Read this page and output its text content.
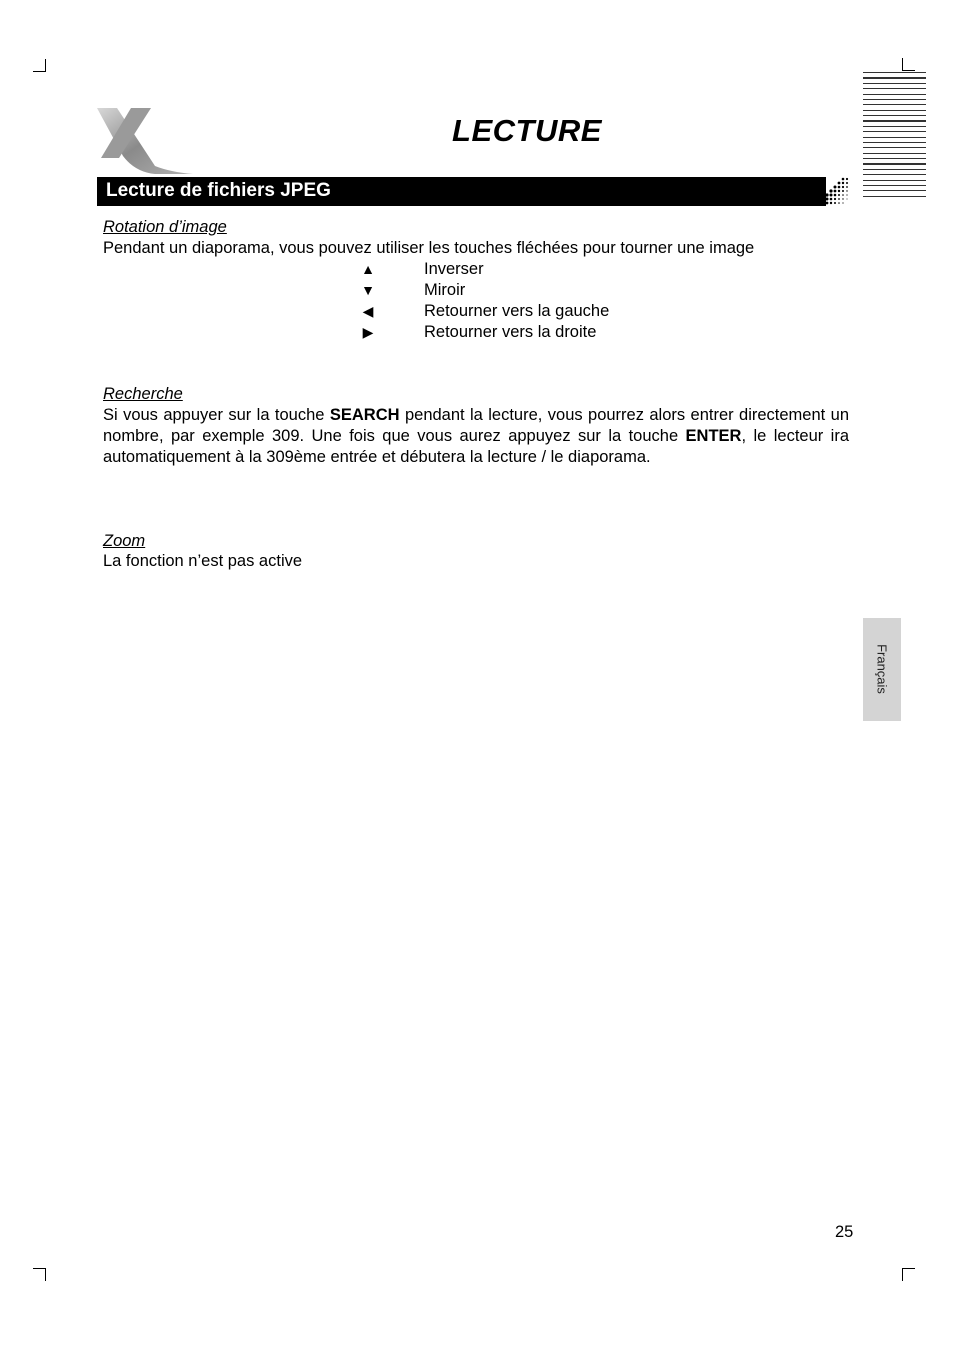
LECTURE
Lecture de fichiers JPEG
Rotation d’image
Pendant un diaporama, vous pouvez utiliser les touches fléchées pour tourner une image
▲	Inverser
▼	Miroir
◀	Retourner vers la gauche
▶	Retourner vers la droite
Recherche
Si vous appuyer sur la touche SEARCH pendant la lecture, vous pourrez alors entrer directement un nombre, par exemple 309. Une fois que vous aurez appuyez sur la touche ENTER, le lecteur ira automatiquement à la 309ème entrée et débutera la lecture / le diaporama.
Zoom
La fonction n’est pas active
Français
25
